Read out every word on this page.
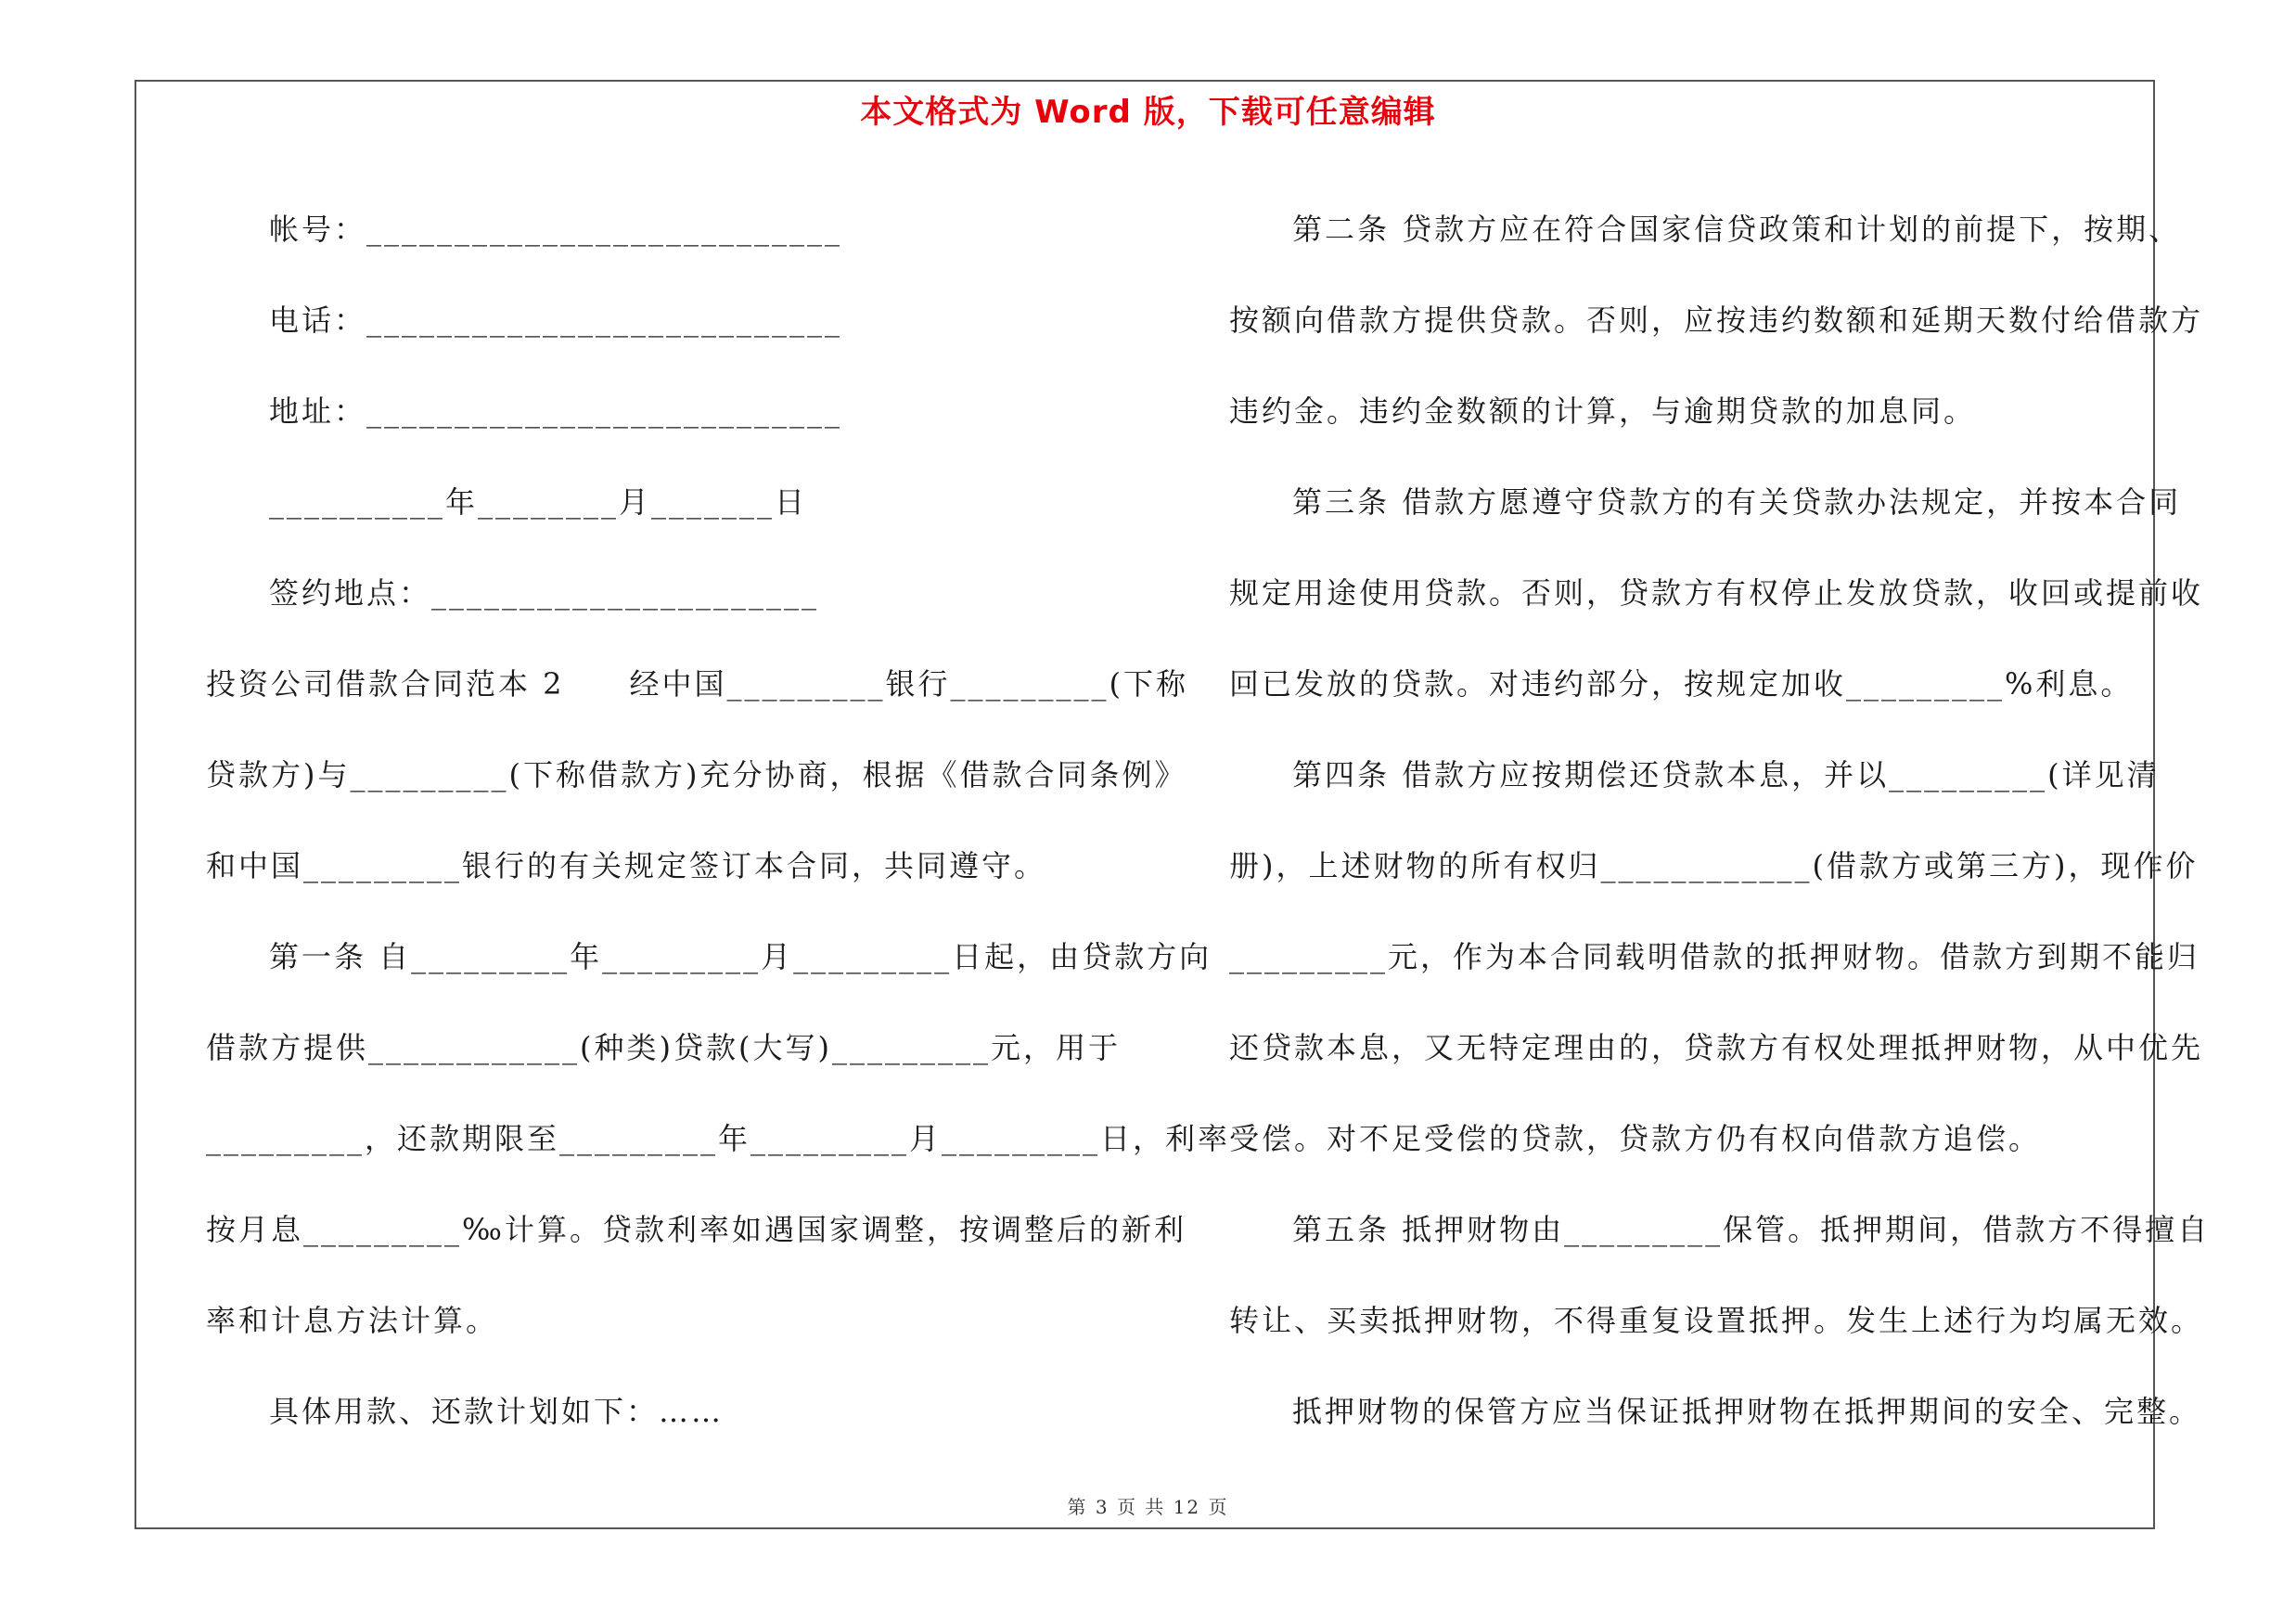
本文格式为 Word 版，下载可任意编辑
帐号：___________________________
电话：___________________________
地址：___________________________
__________年________月_______日
签约地点：______________________
投资公司借款合同范本 2　　经中国_________银行_________(下称
贷款方)与_________(下称借款方)充分协商，根据《借款合同条例》
和中国_________银行的有关规定签订本合同，共同遵守。
第一条 自_________年_________月_________日起，由贷款方向
借款方提供____________(种类)贷款(大写)_________元，用于
_________，还款期限至_________年_________月_________日，利率
按月息_________‰计算。贷款利率如遇国家调整，按调整后的新利
率和计息方法计算。
具体用款、还款计划如下：……
第二条 贷款方应在符合国家信贷政策和计划的前提下，按期、
按额向借款方提供贷款。否则，应按违约数额和延期天数付给借款方
违约金。违约金数额的计算，与逾期贷款的加息同。
第三条 借款方愿遵守贷款方的有关贷款办法规定，并按本合同
规定用途使用贷款。否则，贷款方有权停止发放贷款，收回或提前收
回已发放的贷款。对违约部分，按规定加收_________%利息。
第四条 借款方应按期偿还贷款本息，并以_________(详见清
册)，上述财物的所有权归____________(借款方或第三方)，现作价
_________元，作为本合同载明借款的抵押财物。借款方到期不能归
还贷款本息，又无特定理由的，贷款方有权处理抵押财物，从中优先
受偿。对不足受偿的贷款，贷款方仍有权向借款方追偿。
第五条 抵押财物由_________保管。抵押期间，借款方不得擅自
转让、买卖抵押财物，不得重复设置抵押。发生上述行为均属无效。
抵押财物的保管方应当保证抵押财物在抵押期间的安全、完整。
第 3 页 共 12 页
